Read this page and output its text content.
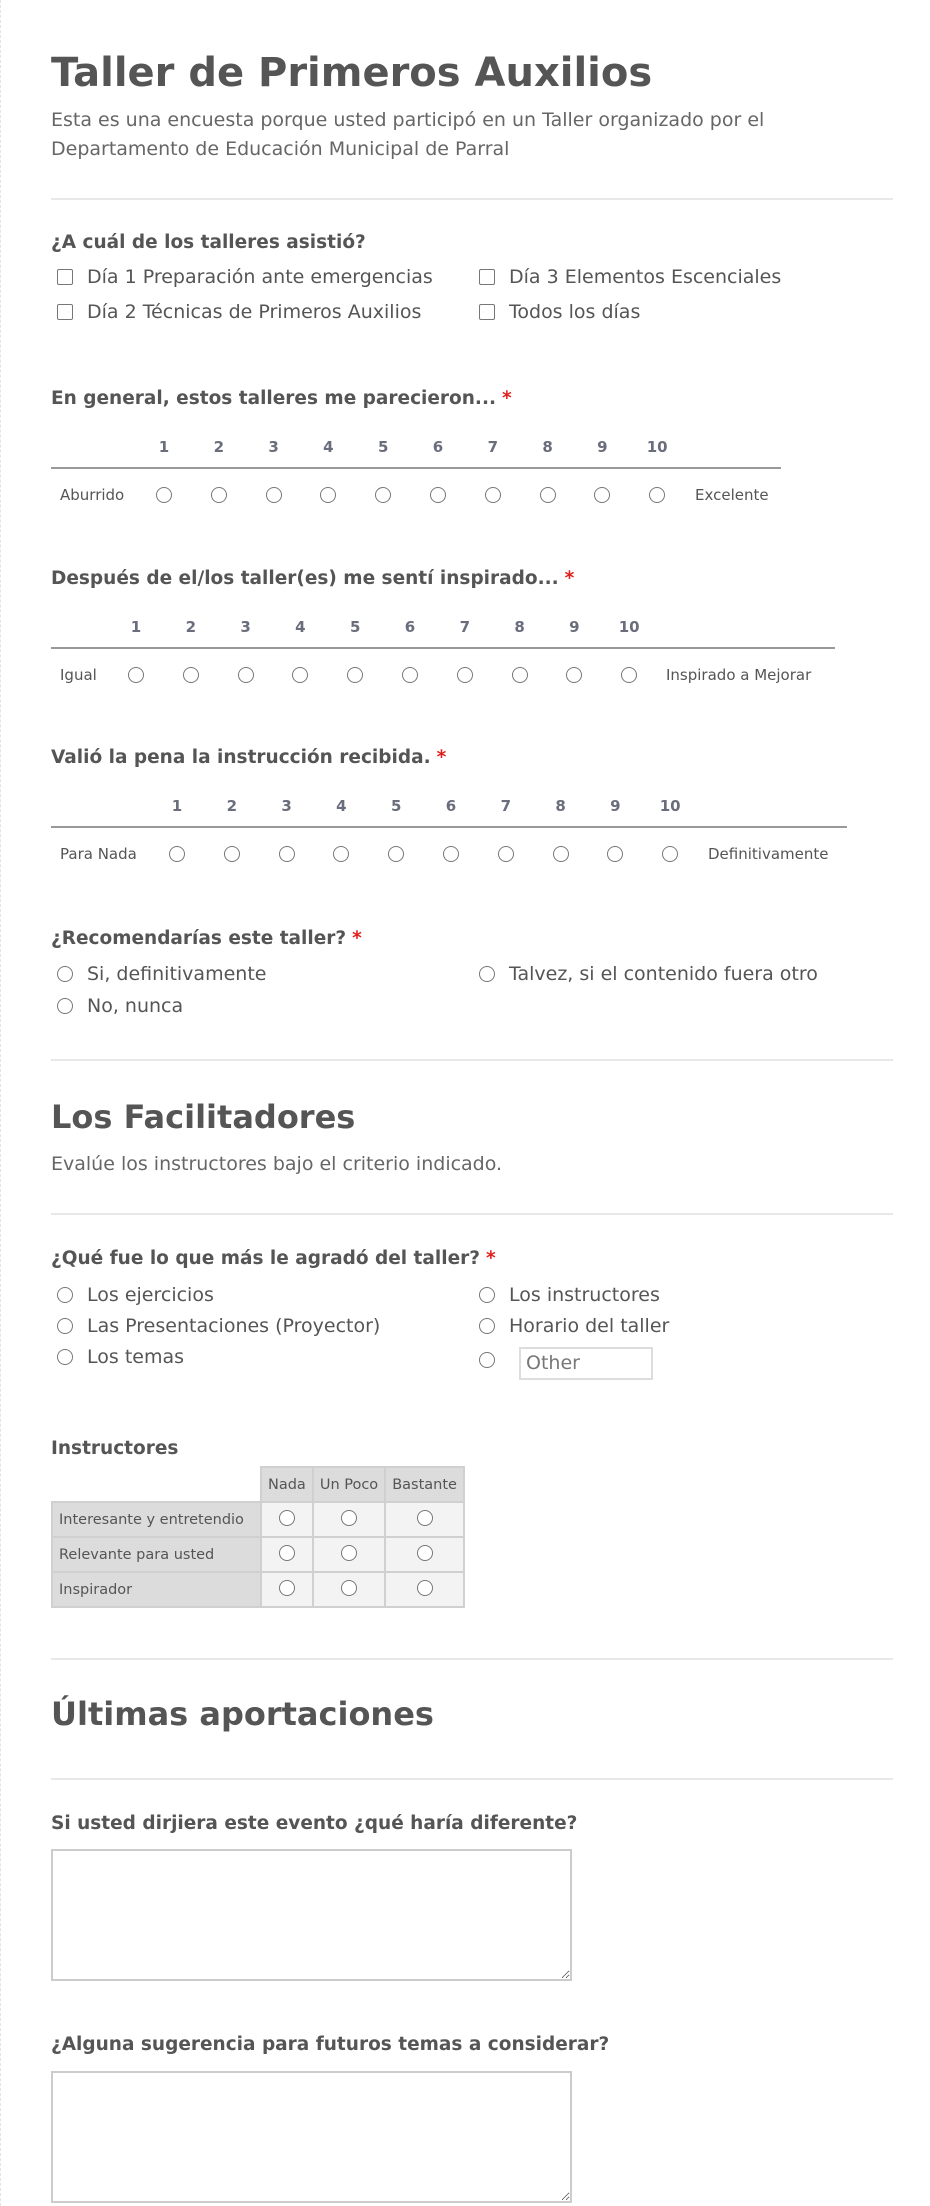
Taller de Primeros Auxilios
Esta es una encuesta porque usted participó en un Taller organizado por el Departamento de Educación Municipal de Parral
¿A cuál de los talleres asistió?
Día 1 Preparación ante emergencias	Día 3 Elementos Escenciales
Día 2 Técnicas de Primeros Auxilios	Todos los días
En general, estos talleres me parecieron... *
1	2	3	4	5	6	7	8	9	10
Aburrido	Excelente
Después de el/los taller(es) me sentí inspirado... *
1	2	3	4	5	6	7	8	9	10
Igual	Inspirado a Mejorar
Valió la pena la instrucción recibida. *
1	2	3	4	5	6	7	8	9	10
Para Nada	Definitivamente
¿Recomendarías este taller? *
Si, definitivamente	Talvez, si el contenido fuera otro
No, nunca
Los Facilitadores
Evalúe los instructores bajo el criterio indicado.
¿Qué fue lo que más le agradó del taller? *
Los ejercicios	Los instructores
Las Presentaciones (Proyector)	Horario del taller
Los temas	Other
Instructores
	Nada	Un Poco	Bastante
Interesante y entretendio			
Relevante para usted			
Inspirador			
Últimas aportaciones
Si usted dirjiera este evento ¿qué haría diferente?
¿Alguna sugerencia para futuros temas a considerar?
